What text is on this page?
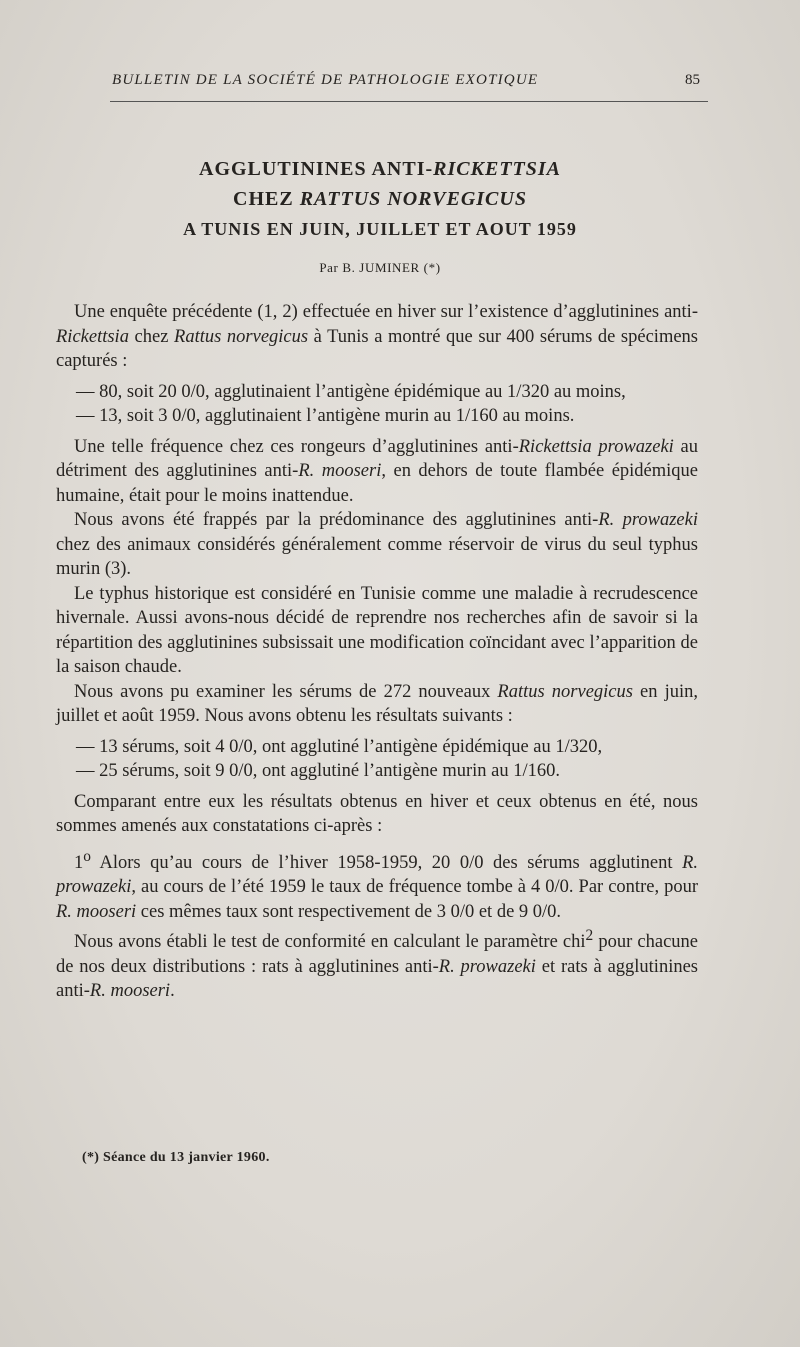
BULLETIN DE LA SOCIÉTÉ DE PATHOLOGIE EXOTIQUE	85
AGGLUTININES ANTI-RICKETTSIA
CHEZ RATTUS NORVEGICUS
A TUNIS EN JUIN, JUILLET ET AOUT 1959
Par B. JUMINER (*)

Une enquête précédente (1, 2) effectuée en hiver sur l’existence d’agglutinines anti-Rickettsia chez Rattus norvegicus à Tunis a montré que sur 400 sérums de spécimens capturés :

— 80, soit 20 0/0, agglutinaient l’antigène épidémique au 1/320 au moins,

— 13, soit 3 0/0, agglutinaient l’antigène murin au 1/160 au moins.

Une telle fréquence chez ces rongeurs d’agglutinines anti-Rickettsia prowazeki au détriment des agglutinines anti-R. mooseri, en dehors de toute flambée épidémique humaine, était pour le moins inattendue.

Nous avons été frappés par la prédominance des agglutinines anti-R. prowazeki chez des animaux considérés généralement comme réservoir de virus du seul typhus murin (3).

Le typhus historique est considéré en Tunisie comme une maladie à recrudescence hivernale. Aussi avons-nous décidé de reprendre nos recherches afin de savoir si la répartition des agglutinines subsissait une modification coïncidant avec l’apparition de la saison chaude.

Nous avons pu examiner les sérums de 272 nouveaux Rattus norvegicus en juin, juillet et août 1959. Nous avons obtenu les résultats suivants :

— 13 sérums, soit 4 0/0, ont agglutiné l’antigène épidémique au 1/320,

— 25 sérums, soit 9 0/0, ont agglutiné l’antigène murin au 1/160.

Comparant entre eux les résultats obtenus en hiver et ceux obtenus en été, nous sommes amenés aux constatations ci-après :

1$^o$ Alors qu’au cours de l’hiver 1958-1959, 20 0/0 des sérums agglutinent R. prowazeki, au cours de l’été 1959 le taux de fréquence tombe à 4 0/0. Par contre, pour R. mooseri ces mêmes taux sont respectivement de 3 0/0 et de 9 0/0.

Nous avons établi le test de conformité en calculant le paramètre chi$^2$ pour chacune de nos deux distributions : rats à agglutinines anti-R. prowazeki et rats à agglutinines anti-R. mooseri.

(*) Séance du 13 janvier 1960.
